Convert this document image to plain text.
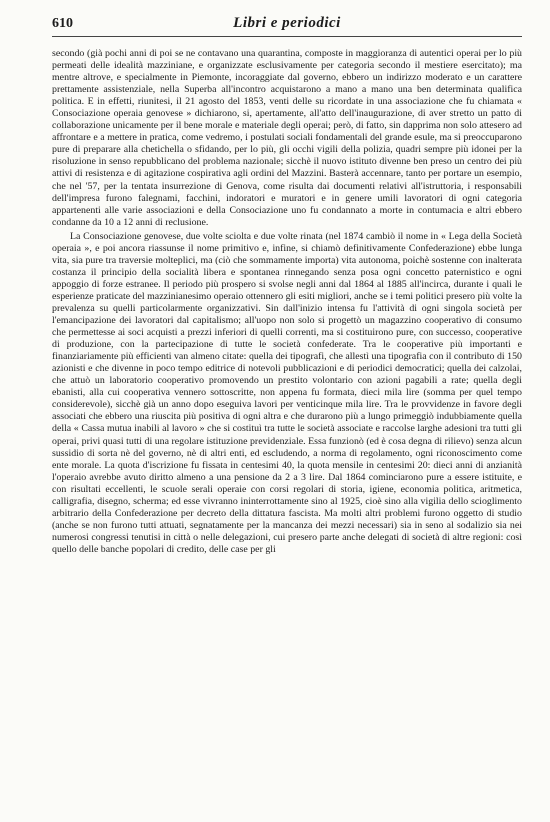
610	Libri e periodici

secondo (già pochi anni di poi se ne contavano una quarantina, composte in maggioranza di autentici operai per lo più permeati delle idealità mazziniane, e organizzate esclusivamente per categoria secondo il mestiere esercitato); ma mentre altrove, e specialmente in Piemonte, incoraggiate dal governo, ebbero un indirizzo moderato e un carattere prettamente assistenziale, nella Superba all'incontro acquistarono a mano a mano una ben determinata qualifica politica. E in effetti, riunitesi, il 21 agosto del 1853, venti delle su ricordate in una associazione che fu chiamata « Consociazione operaia genovese » dichiarono, si, apertamente, all'atto dell'inaugurazione, di aver stretto un patto di collaborazione unicamente per il bene morale e materiale degli operai; però, di fatto, sin dapprima non solo attesero ad affrontare e a mettere in pratica, come vedremo, i postulati sociali fondamentali del grande esule, ma si preoccuparono pure di preparare alla chetichella o sfidando, per lo più, gli occhi vigili della polizia, quadri sempre più idonei per la risoluzione in senso repubblicano del problema nazionale; sicchè il nuovo istituto divenne ben preso un centro dei più attivi di resistenza e di agitazione cospirativa agli ordini del Mazzini. Basterà accennare, tanto per portare un esempio, che nel '57, per la tentata insurrezione di Genova, come risulta dai documenti relativi all'istruttoria, i responsabili dell'impresa furono falegnami, facchini, indoratori e muratori e in genere umili lavoratori di ogni categoria appartenenti alle varie associazioni e della Consociazione uno fu condannato a morte in contumacia e altri ebbero condanne da 10 a 12 anni di reclusione.

La Consociazione genovese, due volte sciolta e due volte rinata (nel 1874 cambiò il nome in « Lega della Società operaia », e poi ancora riassunse il nome primitivo e, infine, si chiamò definitivamente Confederazione) ebbe lunga vita, sia pure tra traversie molteplici, ma (ciò che sommamente importa) vita autonoma, poichè sostenne con inalterata costanza il principio della socialità libera e spontanea rinnegando senza posa ogni concetto paternistico e ogni appoggio di forze estranee. Il periodo più prospero si svolse negli anni dal 1864 al 1885 all'incirca, durante i quali le esperienze praticate del mazzinianesimo operaio ottennero gli esiti migliori, anche se i temi politici presero più volte la prevalenza su quelli particolarmente organizzativi. Sin dall'inizio intensa fu l'attività di ogni singola società per l'emancipazione dei lavoratori dal capitalismo; all'uopo non solo si progettò un magazzino cooperativo di consumo che permettesse ai soci acquisti a prezzi inferiori di quelli correnti, ma si costituirono pure, con successo, cooperative di produzione, con la partecipazione di tutte le società confederate. Tra le cooperative più importanti e finanziariamente più efficienti van almeno citate: quella dei tipografi, che allestì una tipografia con il contributo di 150 azionisti e che divenne in poco tempo editrice di notevoli pubblicazioni e di periodici democratici; quella dei calzolai, che attuò un laboratorio cooperativo promovendo un prestito volontario con azioni pagabili a rate; quella degli ebanisti, alla cui cooperativa vennero sottoscritte, non appena fu formata, dieci mila lire (somma per quel tempo considerevole), sicchè già un anno dopo eseguiva lavori per venticinque mila lire. Tra le provvidenze in favore degli associati che ebbero una riuscita più positiva di ogni altra e che durarono più a lungo primeggiò indubbiamente quella della « Cassa mutua inabili al lavoro » che si costituì tra tutte le società associate e raccolse larghe adesioni tra tutti gli operai, privi quasi tutti di una regolare istituzione previdenziale. Essa funzionò (ed è cosa degna di rilievo) senza alcun sussidio di sorta nè del governo, nè di altri enti, ed escludendo, a norma di regolamento, ogni riconoscimento come ente morale. La quota d'iscrizione fu fissata in centesimi 40, la quota mensile in centesimi 20: dieci anni di anzianità l'operaio avrebbe avuto diritto almeno a una pensione da 2 a 3 lire. Dal 1864 cominciarono pure a essere istituite, e con risultati eccellenti, le scuole serali operaie con corsi regolari di storia, igiene, economia politica, aritmetica, calligrafia, disegno, scherma; ed esse vivranno ininterrottamente sino al 1925, cioè sino alla vigilia dello scioglimento arbitrario della Confederazione per decreto della dittatura fascista. Ma molti altri problemi furono oggetto di studio (anche se non furono tutti attuati, segnatamente per la mancanza dei mezzi necessari) sia in seno al sodalizio sia nei numerosi congressi tenutisi in città o nelle delegazioni, cui presero parte anche delegati di società di altre regioni: così quello delle banche popolari di credito, delle case per gli
